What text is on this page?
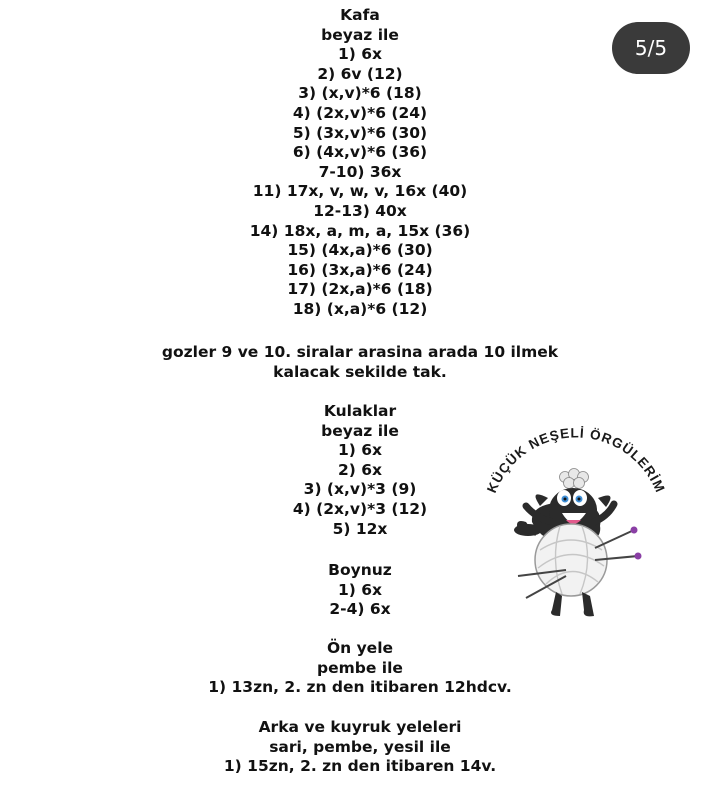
Kafa
beyaz ile
1) 6x
2) 6v (12)
3) (x,v)*6 (18)
4) (2x,v)*6 (24)
5) (3x,v)*6 (30)
6) (4x,v)*6 (36)
7-10) 36x
11) 17x, v, w, v, 16x (40)
12-13) 40x
14) 18x, a, m, a, 15x (36)
15) (4x,a)*6 (30)
16) (3x,a)*6 (24)
17) (2x,a)*6 (18)
18) (x,a)*6 (12)
gozler 9 ve 10. siralar arasina arada 10 ilmek
kalacak sekilde tak.
Kulaklar
beyaz ile
1) 6x
2) 6x
3) (x,v)*3 (9)
4) (2x,v)*3 (12)
5) 12x
Boynuz
1) 6x
2-4) 6x
Ön yele
pembe ile
1) 13zn, 2. zn den itibaren 12hdcv.
Arka ve kuyruk yeleleri
sari, pembe, yesil ile
1) 15zn, 2. zn den itibaren 14v.
5/5
KÜÇÜK NEŞELİ ÖRGÜLERİM
